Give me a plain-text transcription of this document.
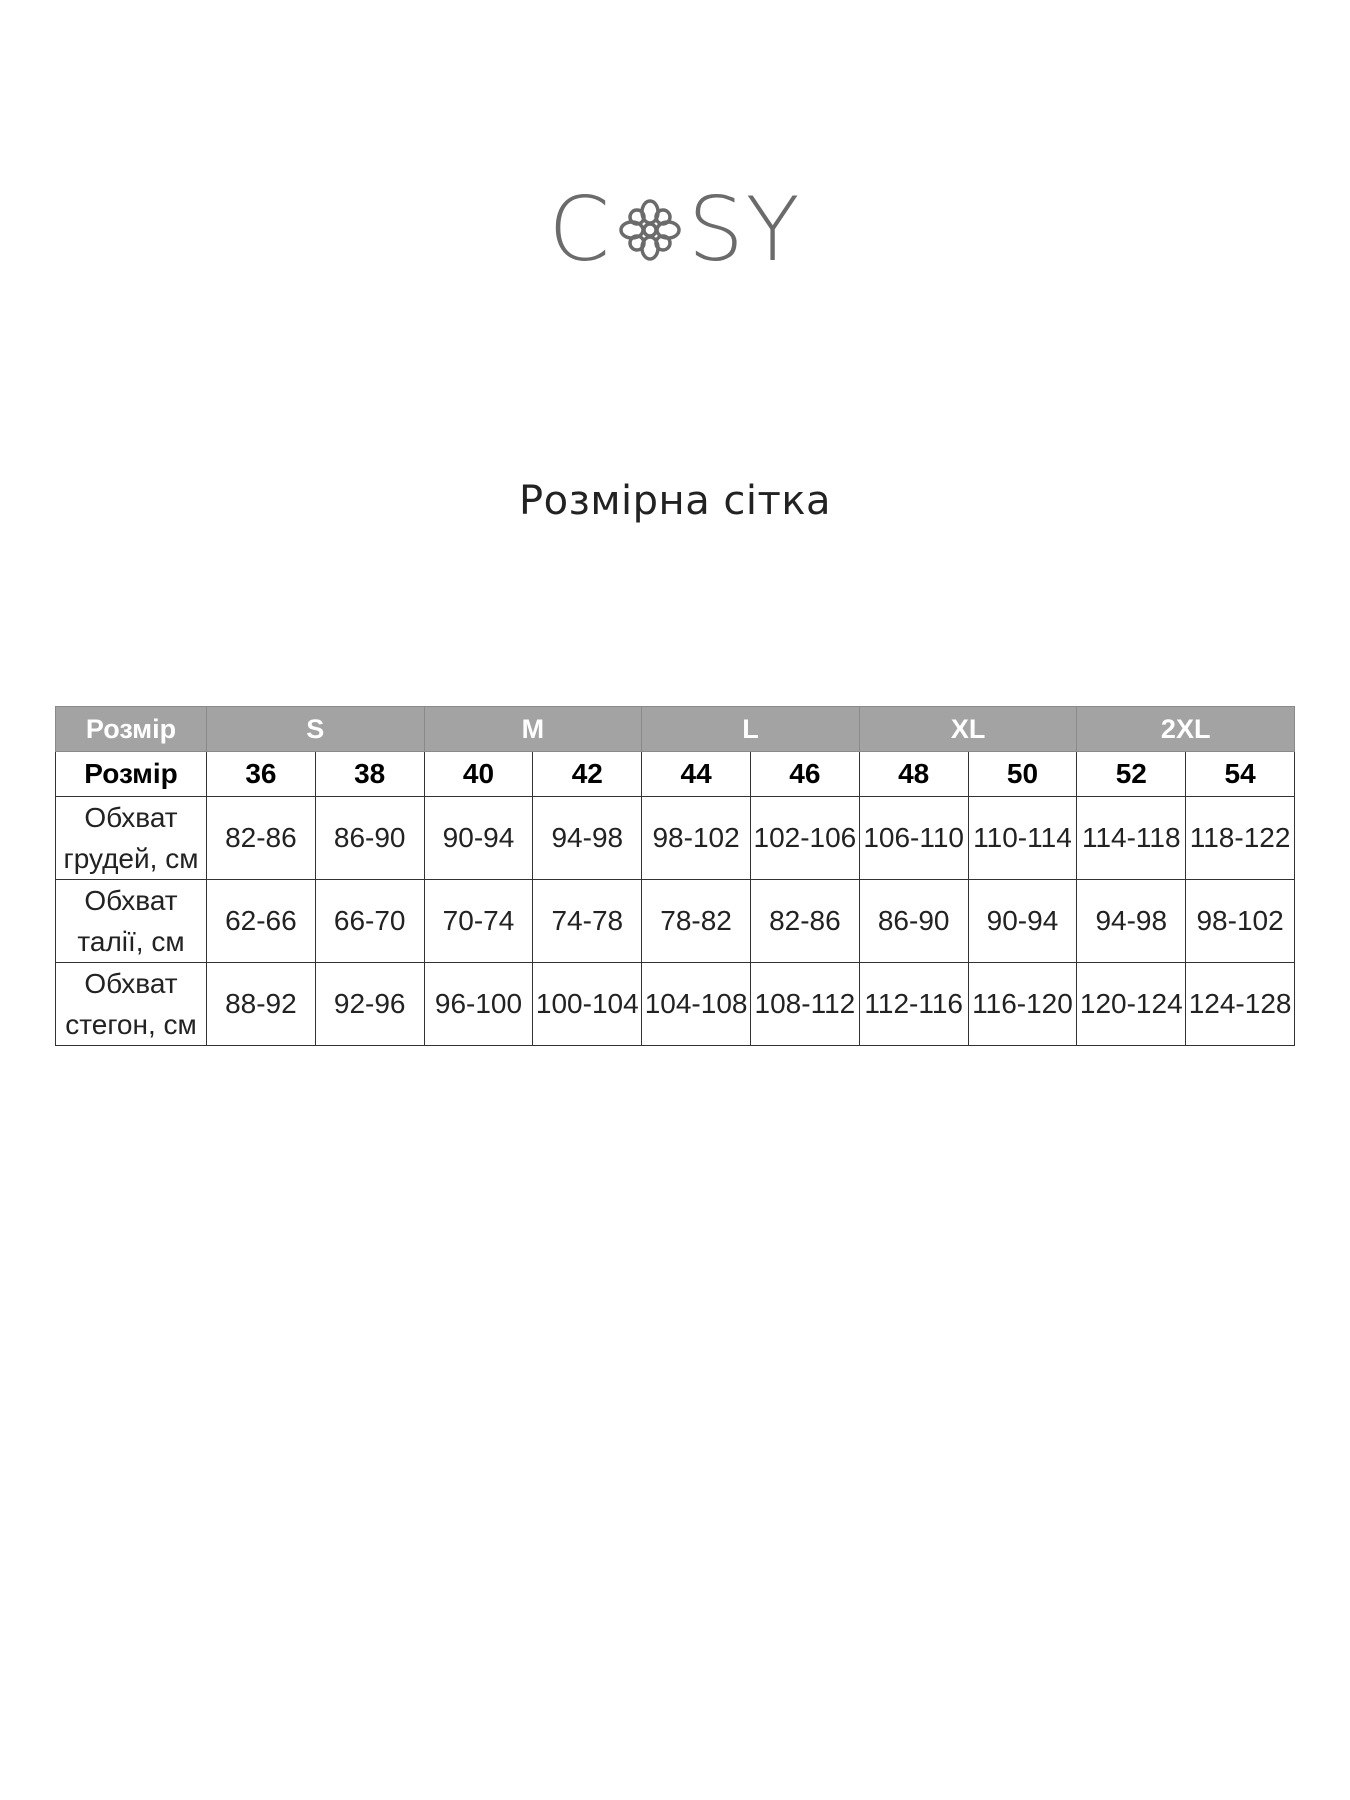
C SY
Розмірна сітка
Розмір	S		M		L		XL		2XL	
Розмір	36	38	40	42	44	46	48	50	52	54

Обхват
грудей, см	82-86	86-90	90-94	94-98	98-102	102-106	106-110	110-114	114-118	118-122

Обхват
талії, см	62-66	66-70	70-74	74-78	78-82	82-86	86-90	90-94	94-98	98-102

Обхват
стегон, см	88-92	92-96	96-100	100-104	104-108	108-112	112-116	116-120	120-124	124-128
